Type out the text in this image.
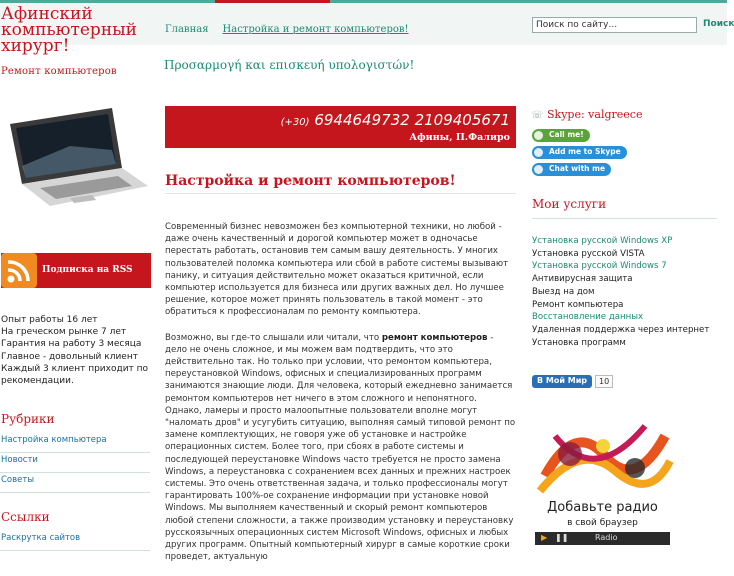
Афинский компьютерный хирург!
Ремонт компьютеров
Главная Настройка и ремонт компьютеров!
Προσαρμογή και επισκευή υπολογιστών!
Поиск по сайту...
Поиск
Подписка на RSS
Опыт работы 16 лет
На греческом рынке 7 лет
Гарантия на работу 3 месяца
Главное - довольный клиент
Каждый 3 клиент приходит по рекомендации.
Рубрики
Настройка компьютера
Новости
Советы
Ссылки
Раскрутка сайтов
(+30) 6944649732 2109405671
Афины, П.Фалиро
Настройка и ремонт компьютеров!

Современный бизнес невозможен без компьютерной техники, но любой - даже очень качественный и дорогой компьютер может в одночасье перестать работать, остановив тем самым вашу деятельность. У многих пользователей поломка компьютера или сбой в работе системы вызывают панику, и ситуация действительно может оказаться критичной, если компьютер используется для бизнеса или других важных дел. Но лучшее решение, которое может принять пользователь в такой момент - это обратиться к профессионалам по ремонту компьютера.

Возможно, вы где-то слышали или читали, что ремонт компьютеров - дело не очень сложное, и мы можем вам подтвердить, что это действительно так. Но только при условии, что ремонтом компьютера, переустановкой Windows, офисных и специализированных программ занимаются знающие люди. Для человека, который ежедневно занимается ремонтом компьютеров нет ничего в этом сложного и непонятного. Однако, ламеры и просто малоопытные пользователи вполне могут "наломать дров" и усугубить ситуацию, выполняя самый типовой ремонт по замене комплектующих, не говоря уже об установке и настройке операционных систем. Более того, при сбоях в работе системы и последующей переустановке Windows часто требуется не просто замена Windows, а переустановка с сохранением всех данных и прежних настроек системы. Это очень ответственная задача, и только профессионалы могут гарантировать 100%-ое сохранение информации при установке новой Windows. Мы выполняем качественный и скорый ремонт компьютеров любой степени сложности, а также производим установку и переустановку русскоязычных операционных систем Microsoft Windows, офисных и любых других программ. Опытный компьютерный хирург в самые короткие сроки проведет, актуальную

☏ Skype: valgreece
Call me!
Add me to Skype
Chat with me
Мои услуги
Установка русской Windows XP
Установка русской VISTA
Установка русской Windows 7
Антивирусная защита
Выезд на дом
Ремонт компьютера
Восстановление данных
Удаленная поддержка через интернет
Установка программ
В Мой Мир	10
Добавьте радио
в свой браузер
▶ ❚❚	Radio
